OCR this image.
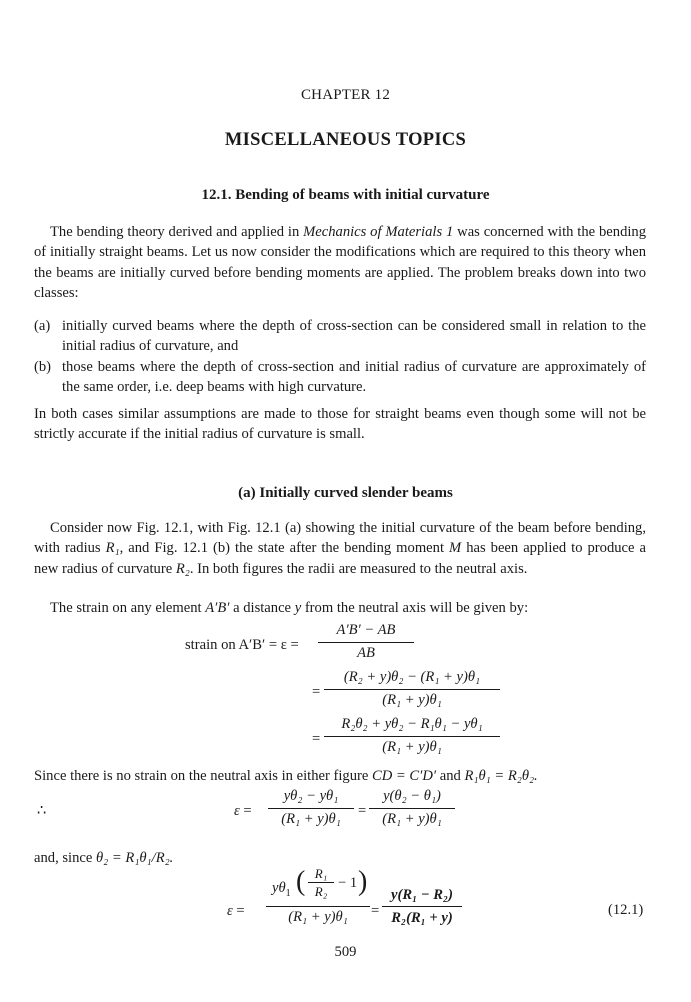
CHAPTER 12
MISCELLANEOUS TOPICS
12.1. Bending of beams with initial curvature
The bending theory derived and applied in Mechanics of Materials 1 was concerned with the bending of initially straight beams. Let us now consider the modifications which are required to this theory when the beams are initially curved before bending moments are applied. The problem breaks down into two classes:
(a) initially curved beams where the depth of cross-section can be considered small in relation to the initial radius of curvature, and
(b) those beams where the depth of cross-section and initial radius of curvature are approximately of the same order, i.e. deep beams with high curvature.
In both cases similar assumptions are made to those for straight beams even though some will not be strictly accurate if the initial radius of curvature is small.
(a) Initially curved slender beams
Consider now Fig. 12.1, with Fig. 12.1 (a) showing the initial curvature of the beam before bending, with radius R₁, and Fig. 12.1 (b) the state after the bending moment M has been applied to produce a new radius of curvature R₂. In both figures the radii are measured to the neutral axis.
The strain on any element A′B′ a distance y from the neutral axis will be given by:
strain on A′B′ = ε =
A′B′ − AB
AB
=
(R₂ + y)θ₂ − (R₁ + y)θ₁
(R₁ + y)θ₁
=
R₂θ₂ + yθ₂ − R₁θ₁ − yθ₁
(R₁ + y)θ₁
Since there is no strain on the neutral axis in either figure CD = C′D′ and R₁θ₁ = R₂θ₂.
∴	ε =
yθ₂ − yθ₁
(R₁ + y)θ₁	=
y(θ₂ − θ₁)
(R₁ + y)θ₁
and, since θ₂ = R₁θ₁/R₂.
ε =
$y\theta_1$ ( R₁
R₂
− 1 )
(R₁ + y)θ₁	=
y(R₁ − R₂)
R₂(R₁ + y)	(12.1)
509
